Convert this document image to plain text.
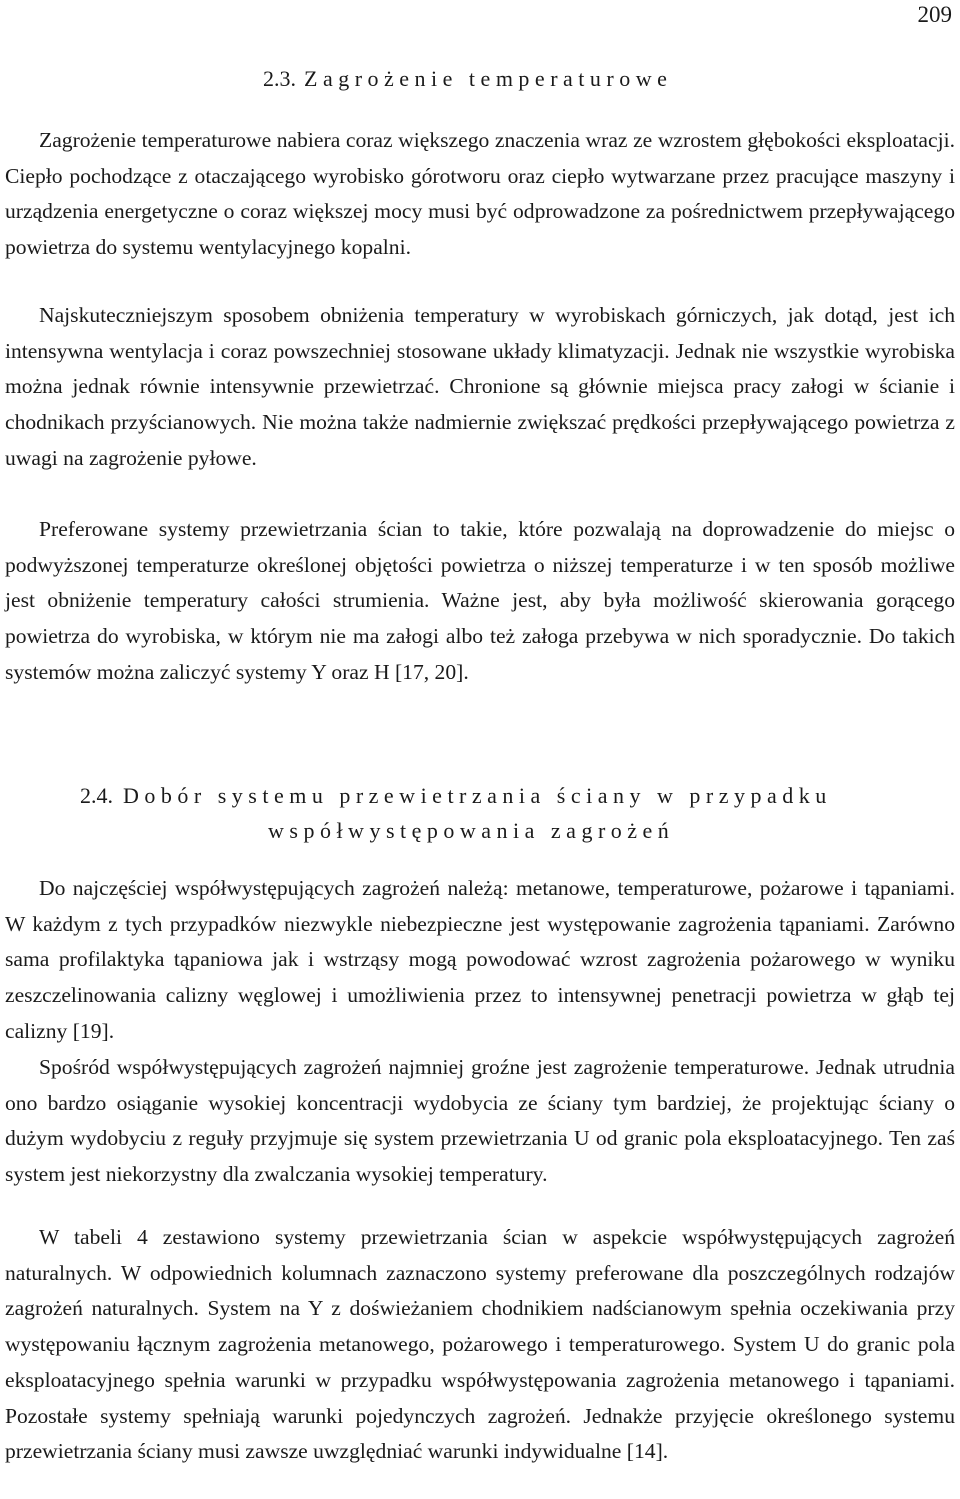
209
2.3. Zagrożenie temperaturowe

Zagrożenie temperaturowe nabiera coraz większego znaczenia wraz ze wzrostem głębokości eksploatacji. Ciepło pochodzące z otaczającego wyrobisko górotworu oraz ciepło wytwarzane przez pracujące maszyny i urządzenia energetyczne o coraz większej mocy musi być odprowadzone za pośrednictwem przepływającego powietrza do systemu wentylacyjnego kopalni.

Najskuteczniejszym sposobem obniżenia temperatury w wyrobiskach górniczych, jak dotąd, jest ich intensywna wentylacja i coraz powszechniej stosowane układy klimatyzacji. Jednak nie wszystkie wyrobiska można jednak równie intensywnie przewietrzać. Chronione są głównie miejsca pracy załogi w ścianie i chodnikach przyścianowych. Nie można także nadmiernie zwiększać prędkości przepływającego powietrza z uwagi na zagrożenie pyłowe.

Preferowane systemy przewietrzania ścian to takie, które pozwalają na doprowadzenie do miejsc o podwyższonej temperaturze określonej objętości powietrza o niższej temperaturze i w ten sposób możliwe jest obniżenie temperatury całości strumienia. Ważne jest, aby była możliwość skierowania gorącego powietrza do wyrobiska, w którym nie ma załogi albo też załoga przebywa w nich sporadycznie. Do takich systemów można zaliczyć systemy Y oraz H [17, 20].

2.4. Dobór systemu przewietrzania ściany w przypadku
współwystępowania zagrożeń

Do najczęściej współwystępujących zagrożeń należą: metanowe, temperaturowe, pożarowe i tąpaniami. W każdym z tych przypadków niezwykle niebezpieczne jest występowanie zagrożenia tąpaniami. Zarówno sama profilaktyka tąpaniowa jak i wstrząsy mogą powodować wzrost zagrożenia pożarowego w wyniku zeszczelinowania calizny węglowej i umożliwienia przez to intensywnej penetracji powietrza w głąb tej calizny [19].

Spośród współwystępujących zagrożeń najmniej groźne jest zagrożenie temperaturowe. Jednak utrudnia ono bardzo osiąganie wysokiej koncentracji wydobycia ze ściany tym bardziej, że projektując ściany o dużym wydobyciu z reguły przyjmuje się system przewietrzania U od granic pola eksploatacyjnego. Ten zaś system jest niekorzystny dla zwalczania wysokiej temperatury.

W tabeli 4 zestawiono systemy przewietrzania ścian w aspekcie współwystępujących zagrożeń naturalnych. W odpowiednich kolumnach zaznaczono systemy preferowane dla poszczególnych rodzajów zagrożeń naturalnych. System na Y z doświeżaniem chodnikiem nadścianowym spełnia oczekiwania przy występowaniu łącznym zagrożenia metanowego, pożarowego i temperaturowego. System U do granic pola eksploatacyjnego spełnia warunki w przypadku współwystępowania zagrożenia metanowego i tąpaniami. Pozostałe systemy spełniają warunki pojedynczych zagrożeń. Jednakże przyjęcie określonego systemu przewietrzania ściany musi zawsze uwzględniać warunki indywidualne [14].
